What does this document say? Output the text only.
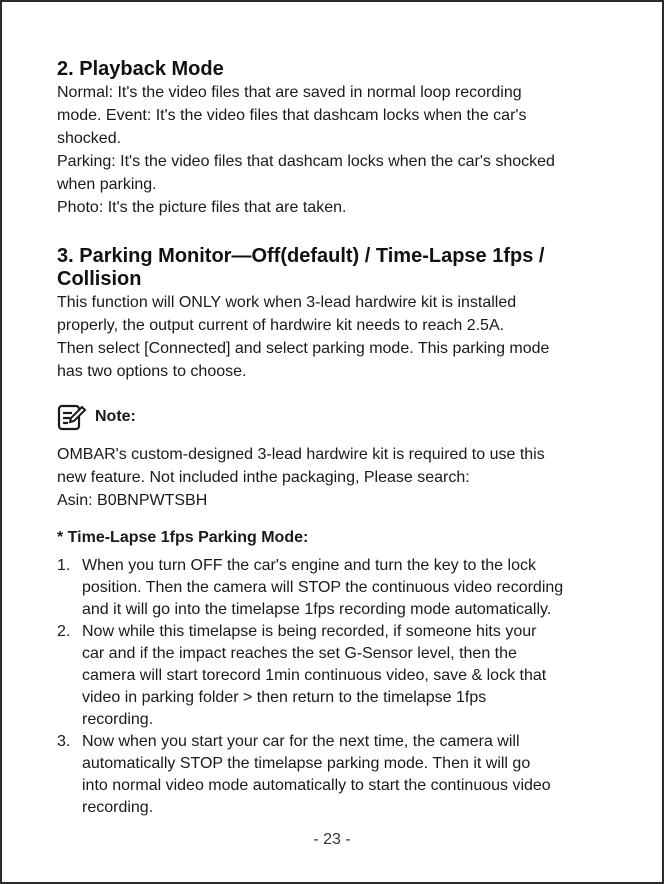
2. Playback Mode

Normal: It's the video files that are saved in normal loop recording

mode. Event: It's the video files that dashcam locks when the car's

shocked.

Parking: It's the video files that dashcam locks when the car's shocked

when parking.

Photo: It's the picture files that are taken.

3. Parking Monitor—Off(default) / Time-Lapse 1fps /
Collision

This function will ONLY work when 3-lead hardwire kit is installed

properly, the output current of hardwire kit needs to reach 2.5A.

Then select [Connected] and select parking mode. This parking mode

has two options to choose.

Note:

OMBAR's custom-designed 3-lead hardwire kit is required to use this

new feature. Not included inthe packaging, Please search:

Asin: B0BNPWTSBH

* Time-Lapse 1fps Parking Mode:
1. When you turn OFF the car's engine and turn the key to the lock
position. Then the camera will STOP the continuous video recording
and it will go into the timelapse 1fps recording mode automatically.
2. Now while this timelapse is being recorded, if someone hits your
car and if the impact reaches the set G-Sensor level, then the
camera will start torecord 1min continuous video, save & lock that
video in parking folder > then return to the timelapse 1fps
recording.
3. Now when you start your car for the next time, the camera will
automatically STOP the timelapse parking mode. Then it will go
into normal video mode automatically to start the continuous video
recording.
- 23 -
